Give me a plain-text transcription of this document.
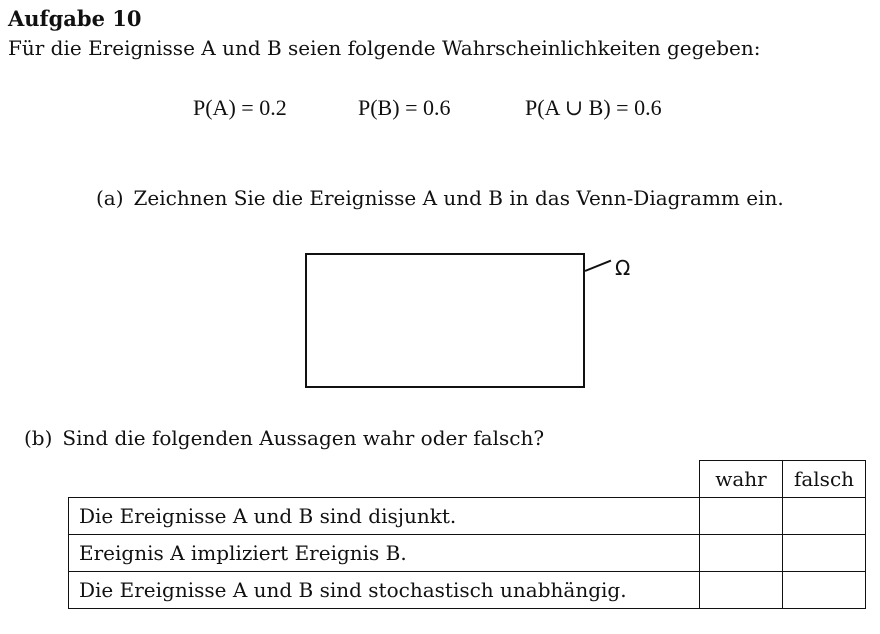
Aufgabe 10
Für die Ereignisse A und B seien folgende Wahrscheinlichkeiten gegeben:
P(A) = 0.2	P(B) = 0.6	P(A ∪ B) = 0.6
(a) Zeichnen Sie die Ereignisse A und B in das Venn-Diagramm ein.
Ω
(b) Sind die folgenden Aussagen wahr oder falsch?
	wahr	falsch
Die Ereignisse A und B sind disjunkt.		
Ereignis A impliziert Ereignis B.		
Die Ereignisse A und B sind stochastisch unabhängig.		
